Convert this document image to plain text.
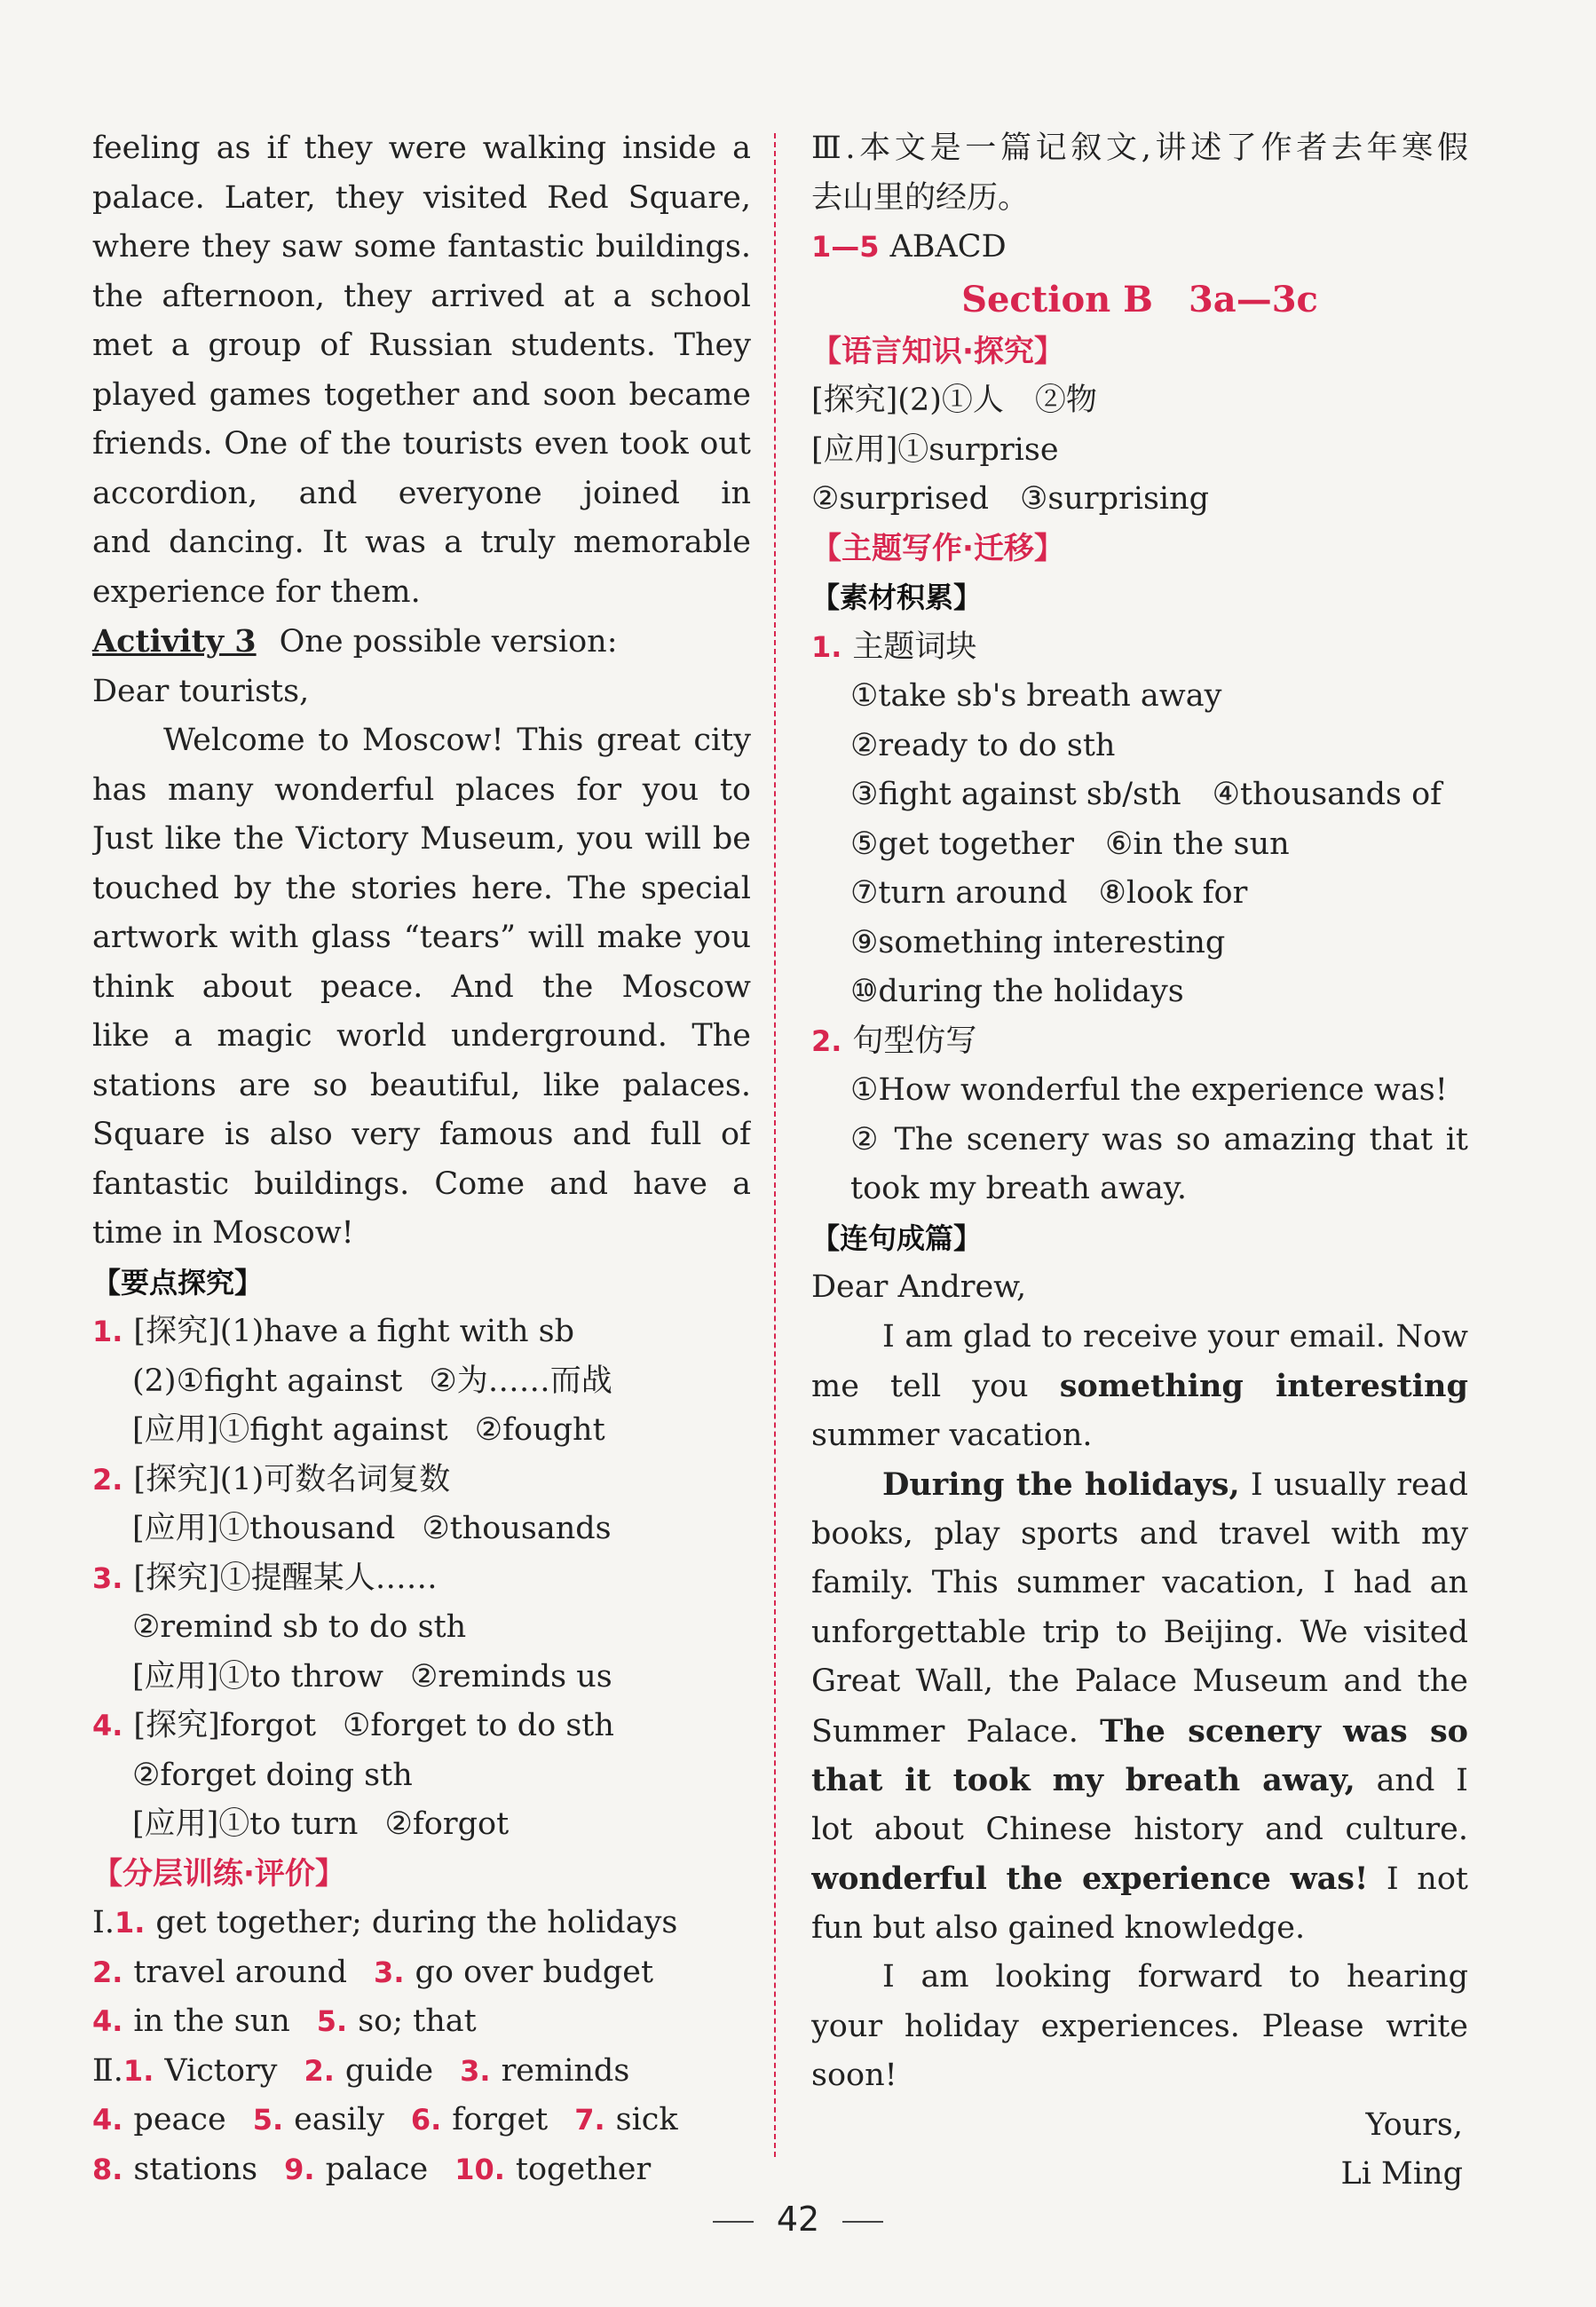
feeling as if they were walking inside a
palace. Later, they visited Red Square,
where they saw some fantastic buildings.
the afternoon, they arrived at a school
met a group of Russian students. They
played games together and soon became
friends. One of the tourists even took out
accordion, and everyone joined in
and dancing. It was a truly memorable
experience for them.
Activity 3 One possible version:
Dear tourists,
Welcome to Moscow! This great city
has many wonderful places for you to
Just like the Victory Museum, you will be
touched by the stories here. The special
artwork with glass “tears” will make you
think about peace. And the Moscow
like a magic world underground. The
stations are so beautiful, like palaces.
Square is also very famous and full of
fantastic buildings. Come and have a
time in Moscow!
【要点探究】
1. [探究](1)have a fight with sb
(2)①fight against ②为……而战
[应用]①fight against ②fought
2. [探究](1)可数名词复数
[应用]①thousand ②thousands
3. [探究]①提醒某人……
②remind sb to do sth
[应用]①to throw ②reminds us
4. [探究]forgot ①forget to do sth
②forget doing sth
[应用]①to turn ②forgot
【分层训练·评价】
Ⅰ.1. get together; during the holidays
2. travel around 3. go over budget
4. in the sun 5. so; that
Ⅱ.1. Victory 2. guide 3. reminds
4. peace 5. easily 6. forget 7. sick
8. stations 9. palace 10. together
Ⅲ.本文是一篇记叙文,讲述了作者去年寒假
去山里的经历。
1—5 ABACD
Section B　3a—3c
【语言知识·探究】
[探究](2)①人　②物
[应用]①surprise
②surprised　③surprising
【主题写作·迁移】
【素材积累】
1. 主题词块
①take sb's breath away
②ready to do sth
③fight against sb/sth　④thousands of
⑤get together　⑥in the sun
⑦turn around　⑧look for
⑨something interesting
⑩during the holidays
2. 句型仿写
①How wonderful the experience was!
② The scenery was so amazing that it
took my breath away.
【连句成篇】
Dear Andrew,
I am glad to receive your email. Now
me tell you something interesting
summer vacation.
During the holidays, I usually read
books, play sports and travel with my
family. This summer vacation, I had an
unforgettable trip to Beijing. We visited
Great Wall, the Palace Museum and the
Summer Palace. The scenery was so
that it took my breath away, and I
lot about Chinese history and culture.
wonderful the experience was! I not
fun but also gained knowledge.
I am looking forward to hearing
your holiday experiences. Please write
soon!
Yours,
Li Ming
42
